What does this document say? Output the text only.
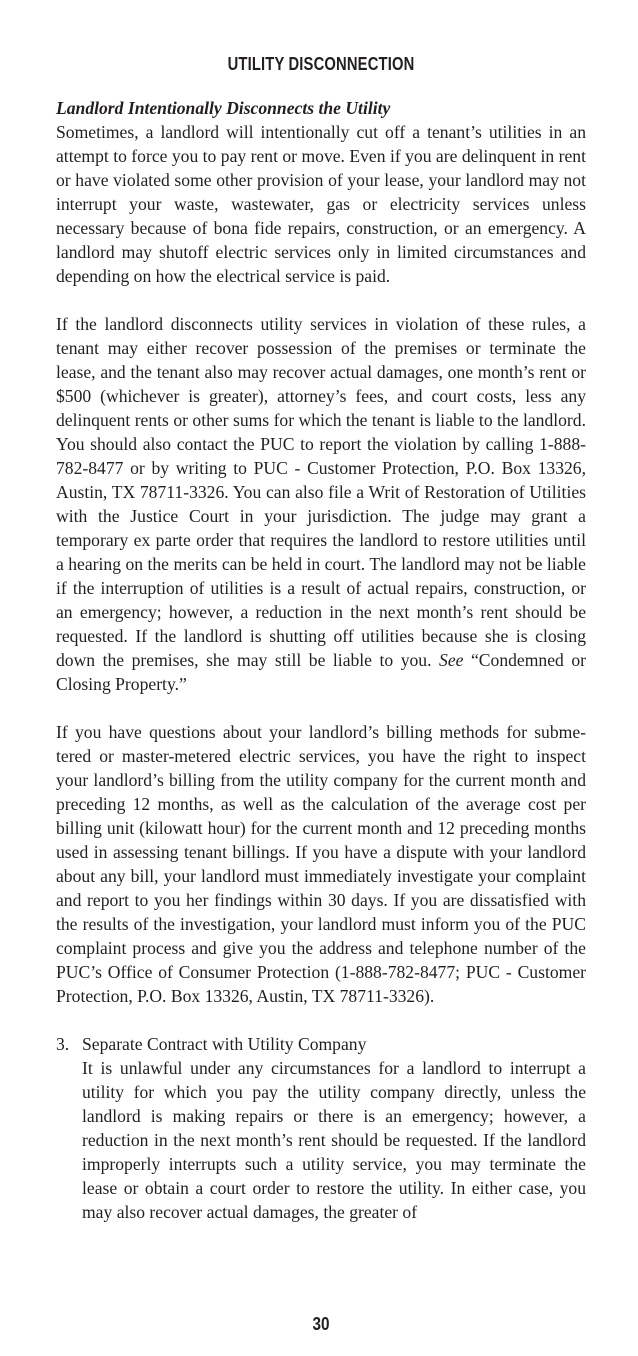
UTILITY DISCONNECTION
Landlord Intentionally Disconnects the Utility

Sometimes, a landlord will intentionally cut off a tenant’s utilities in an attempt to force you to pay rent or move. Even if you are delinquent in rent or have violated some other provision of your lease, your landlord may not interrupt your waste, wastewater, gas or electricity services unless necessary because of bona fide repairs, construction, or an emergency. A landlord may shutoff electric services only in limited circumstances and depending on how the electrical service is paid.

If the landlord disconnects utility services in violation of these rules, a tenant may either recover possession of the premises or terminate the lease, and the tenant also may recover actual damages, one month’s rent or $500 (whichever is greater), attorney’s fees, and court costs, less any delinquent rents or other sums for which the tenant is liable to the landlord. You should also contact the PUC to report the violation by calling 1-888-782-8477 or by writing to PUC - Customer Protection, P.O. Box 13326, Austin, TX 78711-3326. You can also file a Writ of Restoration of Utilities with the Justice Court in your jurisdiction. The judge may grant a temporary ex parte order that requires the landlord to restore utilities until a hearing on the merits can be held in court. The landlord may not be liable if the interruption of utilities is a result of actual repairs, construction, or an emergency; however, a reduction in the next month’s rent should be requested. If the landlord is shutting off utilities because she is closing down the premises, she may still be liable to you. See “Condemned or Closing Property.”

If you have questions about your landlord’s billing methods for submetered or master-metered electric services, you have the right to inspect your landlord’s billing from the utility company for the current month and preceding 12 months, as well as the calculation of the average cost per billing unit (kilowatt hour) for the current month and 12 preceding months used in assessing tenant billings. If you have a dispute with your landlord about any bill, your landlord must immediately investigate your complaint and report to you her findings within 30 days. If you are dissatisfied with the results of the investigation, your landlord must inform you of the PUC complaint process and give you the address and telephone number of the PUC’s Office of Consumer Protection (1-888-782-8477; PUC - Customer Protection, P.O. Box 13326, Austin, TX 78711-3326).

3. Separate Contract with Utility Company
It is unlawful under any circumstances for a landlord to interrupt a utility for which you pay the utility company directly, unless the landlord is making repairs or there is an emergency; however, a reduction in the next month’s rent should be requested. If the landlord improperly interrupts such a utility service, you may terminate the lease or obtain a court order to restore the utility. In either case, you may also recover actual damages, the greater of
30
